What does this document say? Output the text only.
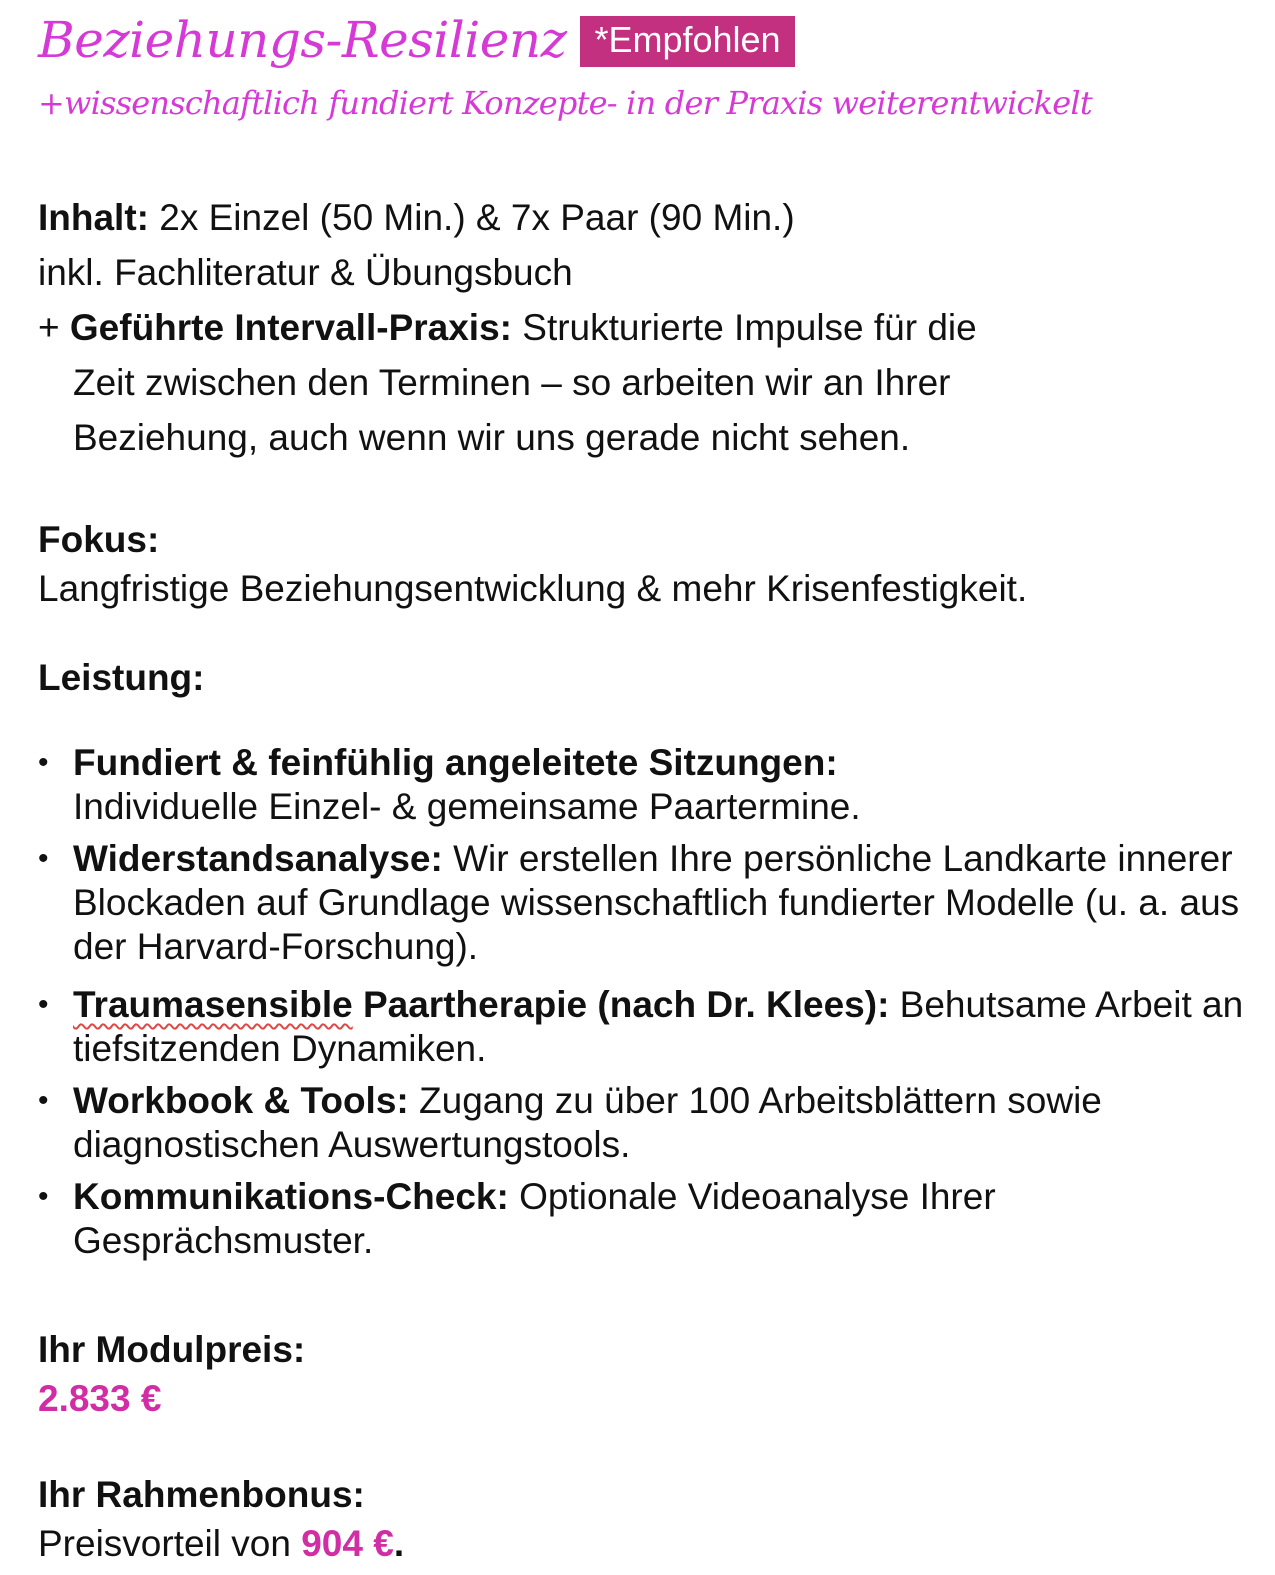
Beziehungs-Resilienz *Empfohlen
+wissenschaftlich fundiert Konzepte- in der Praxis weiterentwickelt
Inhalt: 2x Einzel (50 Min.) & 7x Paar (90 Min.)
inkl. Fachliteratur & Übungsbuch
+ Geführte Intervall-Praxis: Strukturierte Impulse für die
Zeit zwischen den Terminen – so arbeiten wir an Ihrer
Beziehung, auch wenn wir uns gerade nicht sehen.
Fokus:
Langfristige Beziehungsentwicklung & mehr Krisenfestigkeit.
Leistung:
• Fundiert & feinfühlig angeleitete Sitzungen:
Individuelle Einzel- & gemeinsame Paartermine.
• Widerstandsanalyse: Wir erstellen Ihre persönliche Landkarte innerer Blockaden auf Grundlage wissenschaftlich fundierter Modelle (u. a. aus der Harvard-Forschung).
• Traumasensible Paartherapie (nach Dr. Klees): Behutsame Arbeit an tiefsitzenden Dynamiken.
• Workbook & Tools: Zugang zu über 100 Arbeitsblättern sowie diagnostischen Auswertungstools.
• Kommunikations-Check: Optionale Videoanalyse Ihrer Gesprächsmuster.
Ihr Modulpreis:
2.833 €
Ihr Rahmenbonus:
Preisvorteil von 904 €.
